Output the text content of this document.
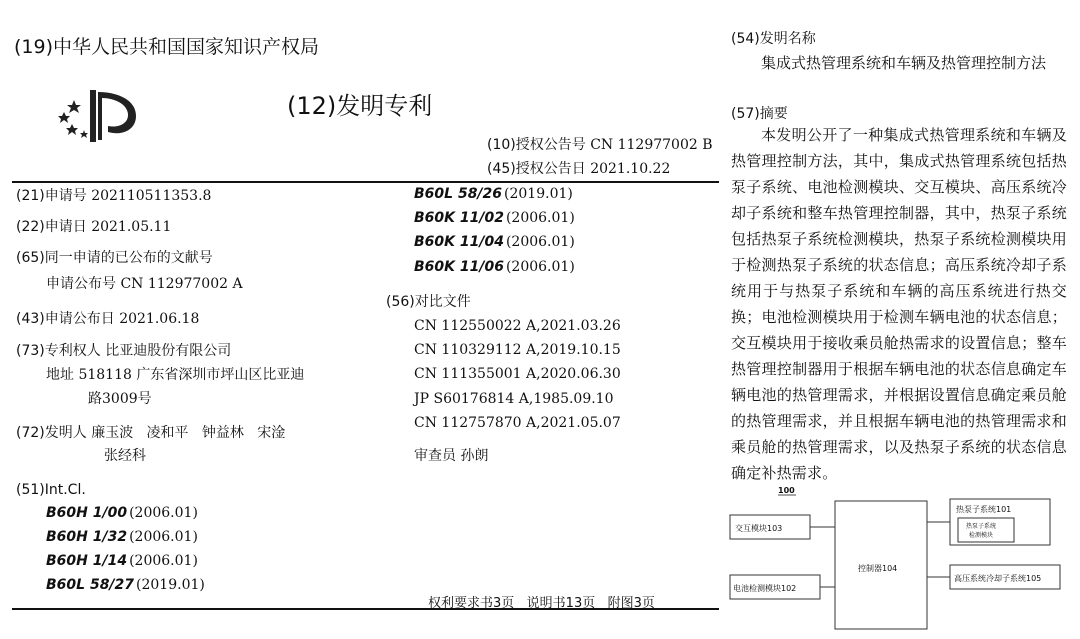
(19)中华人民共和国国家知识产权局
(12)发明专利
(10)授权公告号 CN 112977002 B
(45)授权公告日 2021.10.22
(21)申请号 202110511353.8
(22)申请日 2021.05.11
(65)同一申请的已公布的文献号
申请公布号 CN 112977002 A
(43)申请公布日 2021.06.18
(73)专利权人 比亚迪股份有限公司
地址 518118 广东省深圳市坪山区比亚迪
路3009号
(72)发明人 廉玉波   凌和平   钟益林   宋淦
张经科
(51)Int.Cl.
B60H 1/00 (2006.01)
B60H 1/32 (2006.01)
B60H 1/14 (2006.01)
B60L 58/27 (2019.01)
B60L 58/26 (2019.01)
B60K 11/02 (2006.01)
B60K 11/04 (2006.01)
B60K 11/06 (2006.01)
(56)对比文件
CN 112550022 A,2021.03.26
CN 110329112 A,2019.10.15
CN 111355001 A,2020.06.30
JP S60176814 A,1985.09.10
CN 112757870 A,2021.05.07
审查员 孙朗
权利要求书3页   说明书13页   附图3页
(54)发明名称
集成式热管理系统和车辆及热管理控制方法
(57)摘要
本发明公开了一种集成式热管理系统和车辆及热管理控制方法，其中，集成式热管理系统包括热泵子系统、电池检测模块、交互模块、高压系统冷却子系统和整车热管理控制器，其中，热泵子系统包括热泵子系统检测模块，热泵子系统检测模块用于检测热泵子系统的状态信息；高压系统冷却子系统用于与热泵子系统和车辆的高压系统进行热交换；电池检测模块用于检测车辆电池的状态信息；交互模块用于接收乘员舱热需求的设置信息；整车热管理控制器用于根据车辆电池的状态信息确定车辆电池的热管理需求，并根据设置信息确定乘员舱的热管理需求，并且根据车辆电池的热管理需求和乘员舱的热管理需求，以及热泵子系统的状态信息确定补热需求。
100
交互模块103
电池检测模块102
控制器104
热泵子系统101
热泵子系统
检测模块
高压系统冷却子系统105
